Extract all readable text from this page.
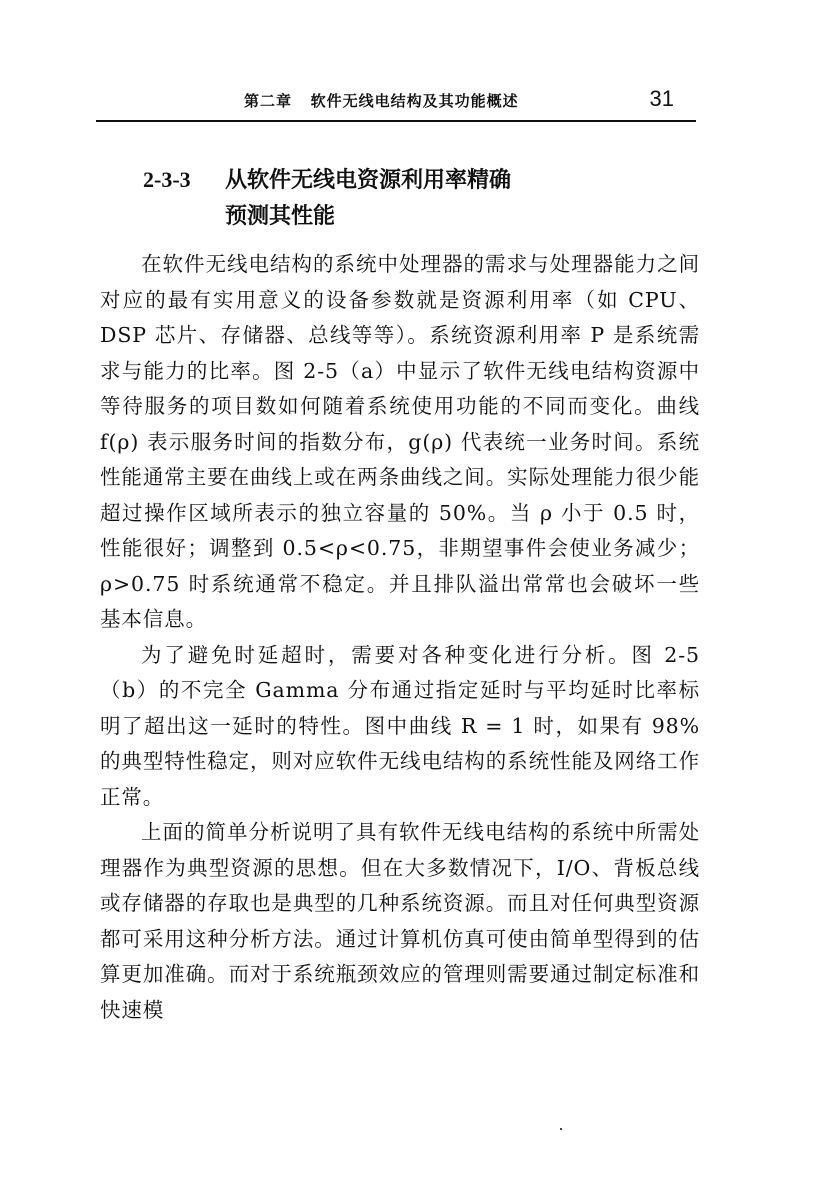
第二章   软件无线电结构及其功能概述	31
2-3-3 从软件无线电资源利用率精确
预测其性能

在软件无线电结构的系统中处理器的需求与处理器能力之间对应的最有实用意义的设备参数就是资源利用率（如 CPU、DSP 芯片、存储器、总线等等）。系统资源利用率 P 是系统需求与能力的比率。图 2-5（a）中显示了软件无线电结构资源中等待服务的项目数如何随着系统使用功能的不同而变化。曲线 f(ρ) 表示服务时间的指数分布，g(ρ) 代表统一业务时间。系统性能通常主要在曲线上或在两条曲线之间。实际处理能力很少能超过操作区域所表示的独立容量的 50%。当 ρ 小于 0.5 时，性能很好；调整到 0.5<ρ<0.75，非期望事件会使业务减少；ρ>0.75 时系统通常不稳定。并且排队溢出常常也会破坏一些基本信息。

为了避免时延超时，需要对各种变化进行分析。图 2-5（b）的不完全 Gamma 分布通过指定延时与平均延时比率标明了超出这一延时的特性。图中曲线 R = 1 时，如果有 98% 的典型特性稳定，则对应软件无线电结构的系统性能及网络工作正常。

上面的简单分析说明了具有软件无线电结构的系统中所需处理器作为典型资源的思想。但在大多数情况下，I/O、背板总线或存储器的存取也是典型的几种系统资源。而且对任何典型资源都可采用这种分析方法。通过计算机仿真可使由简单型得到的估算更加准确。而对于系统瓶颈效应的管理则需要通过制定标准和快速模
